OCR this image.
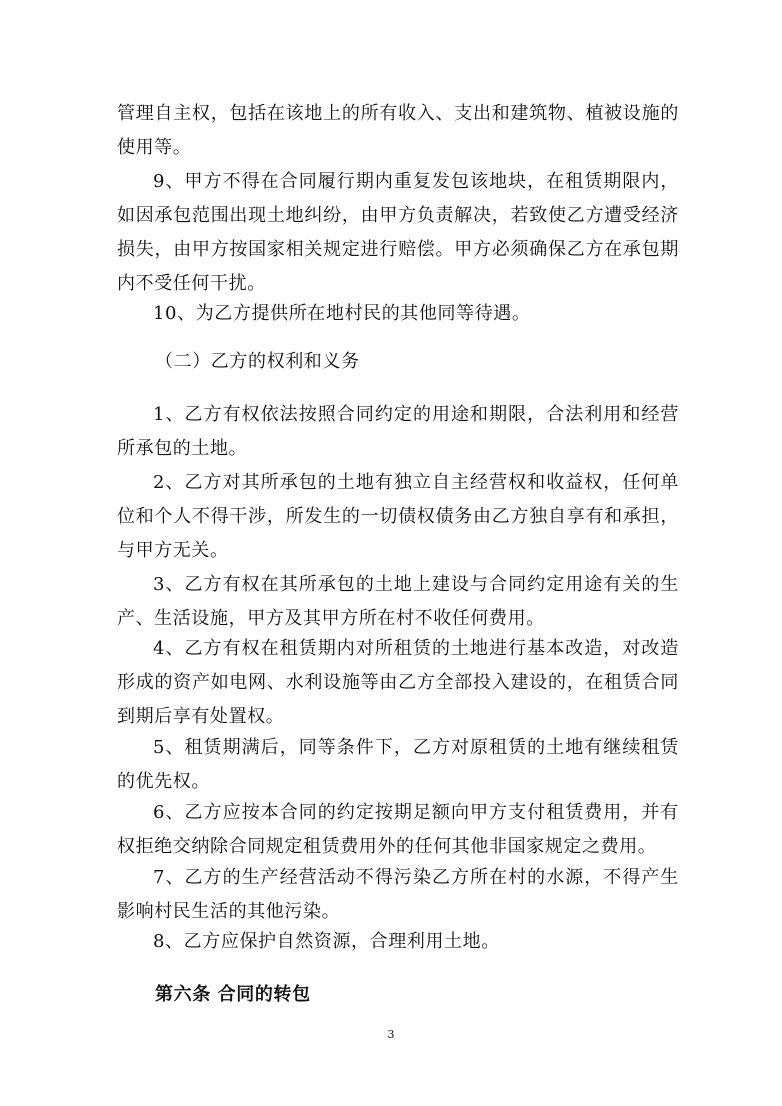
管理自主权，包括在该地上的所有收入、支出和建筑物、植被设施的使用等。

9、甲方不得在合同履行期内重复发包该地块，在租赁期限内，如因承包范围出现土地纠纷，由甲方负责解决，若致使乙方遭受经济损失，由甲方按国家相关规定进行赔偿。甲方必须确保乙方在承包期内不受任何干扰。

10、为乙方提供所在地村民的其他同等待遇。

（二）乙方的权利和义务

1、乙方有权依法按照合同约定的用途和期限，合法利用和经营所承包的土地。

2、乙方对其所承包的土地有独立自主经营权和收益权，任何单位和个人不得干涉，所发生的一切债权债务由乙方独自享有和承担，与甲方无关。

3、乙方有权在其所承包的土地上建设与合同约定用途有关的生产、生活设施，甲方及其甲方所在村不收任何费用。

4、乙方有权在租赁期内对所租赁的土地进行基本改造，对改造形成的资产如电网、水利设施等由乙方全部投入建设的，在租赁合同到期后享有处置权。

5、租赁期满后，同等条件下，乙方对原租赁的土地有继续租赁的优先权。

6、乙方应按本合同的约定按期足额向甲方支付租赁费用，并有权拒绝交纳除合同规定租赁费用外的任何其他非国家规定之费用。

7、乙方的生产经营活动不得污染乙方所在村的水源，不得产生影响村民生活的其他污染。

8、乙方应保护自然资源，合理利用土地。

第六条 合同的转包

3
